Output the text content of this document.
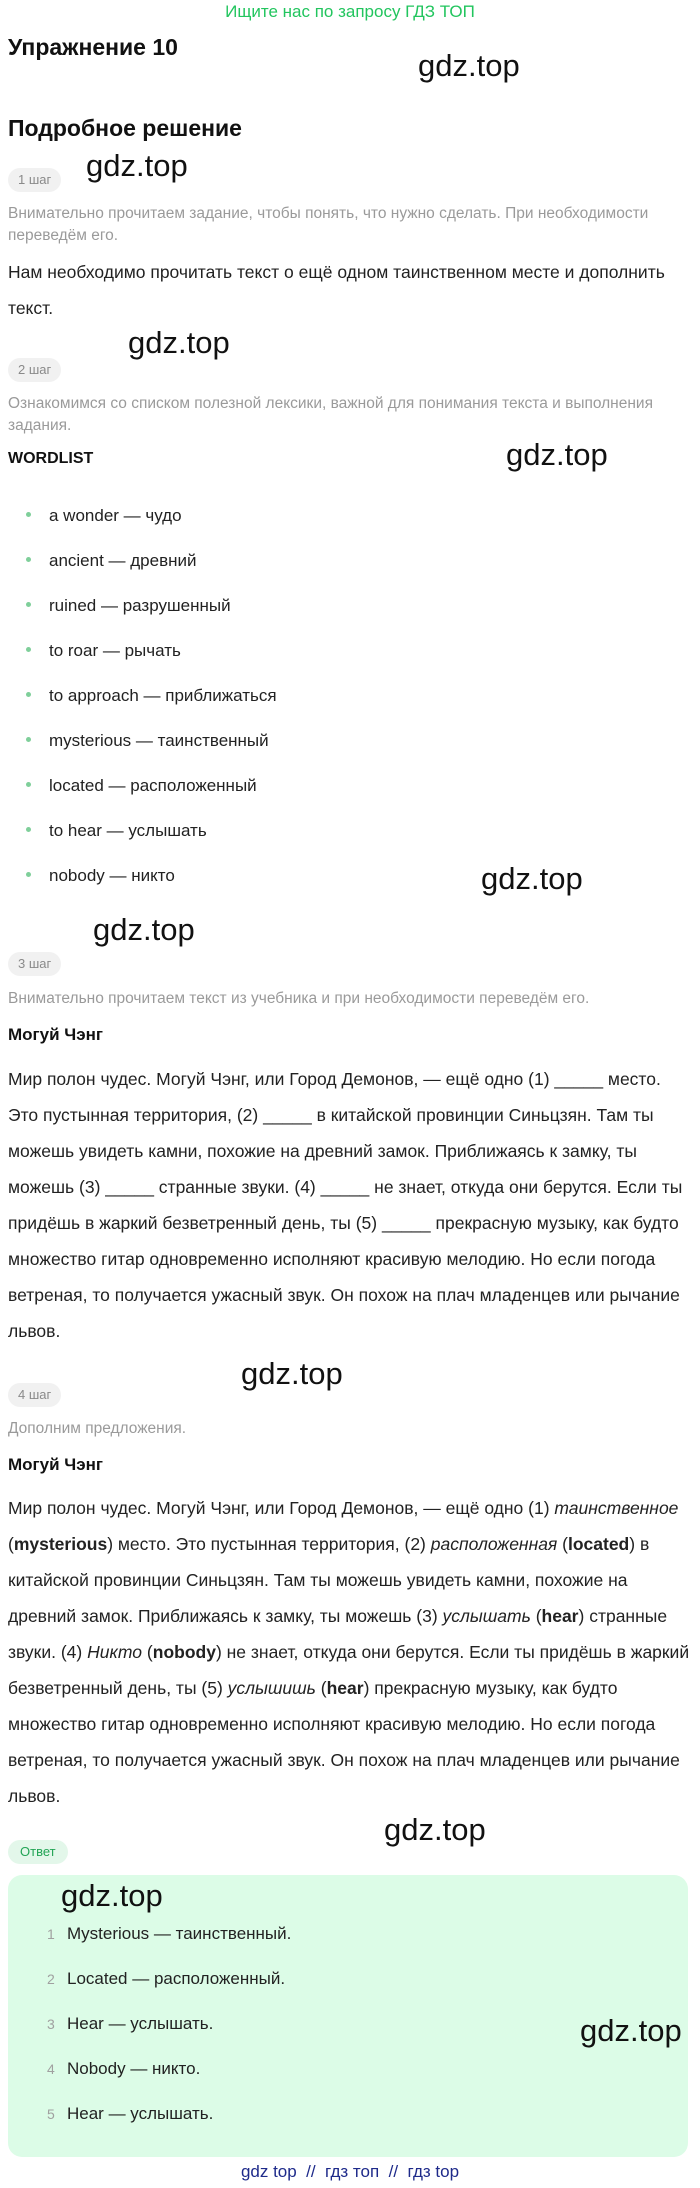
Ищите нас по запросу ГДЗ ТОП
Упражнение 10
gdz.top
Подробное решение
1 шаг	gdz.top
Внимательно прочитаем задание, чтобы понять, что нужно сделать. При необходимости переведём его.
Нам необходимо прочитать текст о ещё одном таинственном месте и дополнить текст.
gdz.top
2 шаг
Ознакомимся со списком полезной лексики, важной для понимания текста и выполнения задания.
gdz.top
WORDLIST
a wonder — чудо
ancient — древний
ruined — разрушенный
to roar — рычать
to approach — приближаться
mysterious — таинственный
located — расположенный
to hear — услышать
nobody — никто	gdz.top
gdz.top
3 шаг
Внимательно прочитаем текст из учебника и при необходимости переведём его.
Могуй Чэнг
Мир полон чудес. Могуй Чэнг, или Город Демонов, — ещё одно (1) _____ место. Это пустынная территория, (2) _____ в китайской провинции Синьцзян. Там ты можешь увидеть камни, похожие на древний замок. Приближаясь к замку, ты можешь (3) _____ странные звуки. (4) _____ не знает, откуда они берутся. Если ты придёшь в жаркий безветренный день, ты (5) _____ прекрасную музыку, как будто множество гитар одновременно исполняют красивую мелодию. Но если погода ветреная, то получается ужасный звук. Он похож на плач младенцев или рычание львов.
gdz.top
4 шаг
Дополним предложения.
Могуй Чэнг
Мир полон чудес. Могуй Чэнг, или Город Демонов, — ещё одно (1) таинственное (mysterious) место. Это пустынная территория, (2) расположенная (located) в китайской провинции Синьцзян. Там ты можешь увидеть камни, похожие на древний замок. Приближаясь к замку, ты можешь (3) услышать (hear) странные звуки. (4) Никто (nobody) не знает, откуда они берутся. Если ты придёшь в жаркий безветренный день, ты (5) услышишь (hear) прекрасную музыку, как будто множество гитар одновременно исполняют красивую мелодию. Но если погода ветреная, то получается ужасный звук. Он похож на плач младенцев или рычание львов.
gdz.top
Ответ
gdz.top
gdz.top
1 Mysterious — таинственный.
2 Located — расположенный.
3 Hear — услышать.
4 Nobody — никто.
5 Hear — услышать.
gdz top  //  гдз топ  //  гдз top
